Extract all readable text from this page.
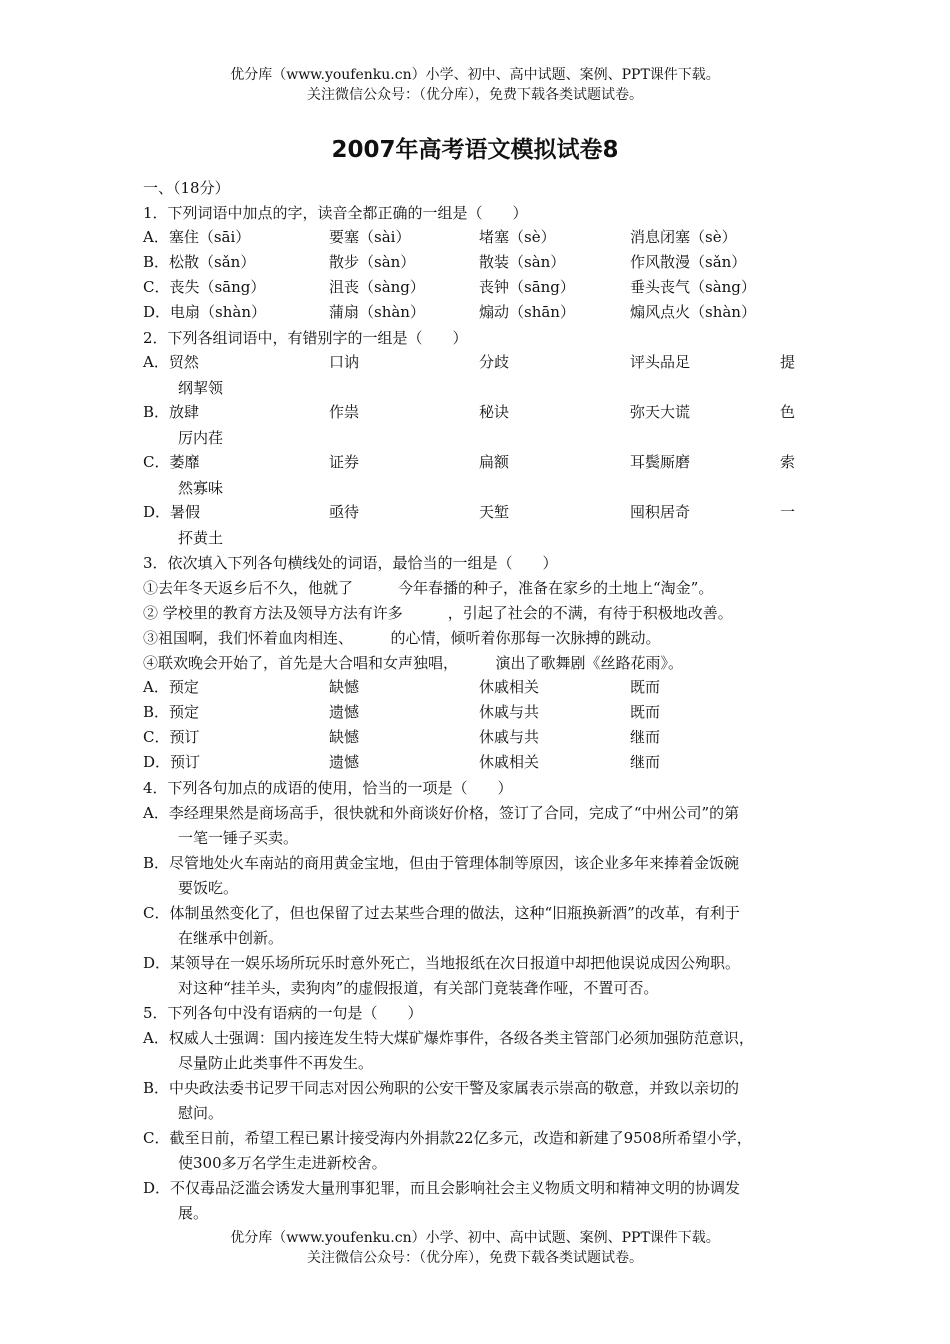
优分库（www.youfenku.cn）小学、初中、高中试题、案例、PPT课件下载。
关注微信公众号：（优分库），免费下载各类试题试卷。
2007年高考语文模拟试卷8
一、（18分）
1．下列词语中加点的字，读音全都正确的一组是（　　）
A．塞住（sāi）	要塞（sài）	堵塞（sè）	消息闭塞（sè）
B．松散（sǎn）	散步（sàn）	散装（sàn）	作风散漫（sǎn）
C．丧失（sāng）	沮丧（sàng）	丧钟（sāng）	垂头丧气（sàng）
D．电扇（shàn）	蒲扇（shàn）	煽动（shān）	煽风点火（shàn）
2．下列各组词语中，有错别字的一组是（　　）
A．贸然	口讷	分歧	评头品足	提
纲挈领
B．放肆	作祟	秘诀	弥天大谎	色
厉内荏
C．萎靡	证券	扁额	耳鬓厮磨	索
然寡味
D．暑假	亟待	天堑	囤积居奇	一
抔黄土
3．依次填入下列各句横线处的词语，最恰当的一组是（　　）
①去年冬天返乡后不久，他就了　　　今年春播的种子，准备在家乡的土地上“淘金”。
② 学校里的教育方法及领导方法有许多　　　，引起了社会的不满，有待于积极地改善。
③祖国啊，我们怀着血肉相连、　　　的心情，倾听着你那每一次脉搏的跳动。
④联欢晚会开始了，首先是大合唱和女声独唱，　　　演出了歌舞剧《丝路花雨》。
A．预定	缺憾	休戚相关	既而
B．预定	遗憾	休戚与共	既而
C．预订	缺憾	休戚与共	继而
D．预订	遗憾	休戚相关	继而
4．下列各句加点的成语的使用，恰当的一项是（　　）
A．李经理果然是商场高手，很快就和外商谈好价格，签订了合同，完成了“中州公司”的第
一笔一锤子买卖。
B．尽管地处火车南站的商用黄金宝地，但由于管理体制等原因，该企业多年来捧着金饭碗
要饭吃。
C．体制虽然变化了，但也保留了过去某些合理的做法，这种“旧瓶换新酒”的改革，有利于
在继承中创新。
D．某领导在一娱乐场所玩乐时意外死亡，当地报纸在次日报道中却把他误说成因公殉职。
对这种“挂羊头，卖狗肉”的虚假报道，有关部门竟装聋作哑，不置可否。
5．下列各句中没有语病的一句是（　　）
A．权威人士强调：国内接连发生特大煤矿爆炸事件，各级各类主管部门必须加强防范意识，
尽量防止此类事件不再发生。
B．中央政法委书记罗干同志对因公殉职的公安干警及家属表示崇高的敬意，并致以亲切的
慰问。
C．截至日前，希望工程已累计接受海内外捐款22亿多元，改造和新建了9508所希望小学，
使300多万名学生走进新校舍。
D．不仅毒品泛滥会诱发大量刑事犯罪，而且会影响社会主义物质文明和精神文明的协调发
展。
优分库（www.youfenku.cn）小学、初中、高中试题、案例、PPT课件下载。
关注微信公众号：（优分库），免费下载各类试题试卷。
